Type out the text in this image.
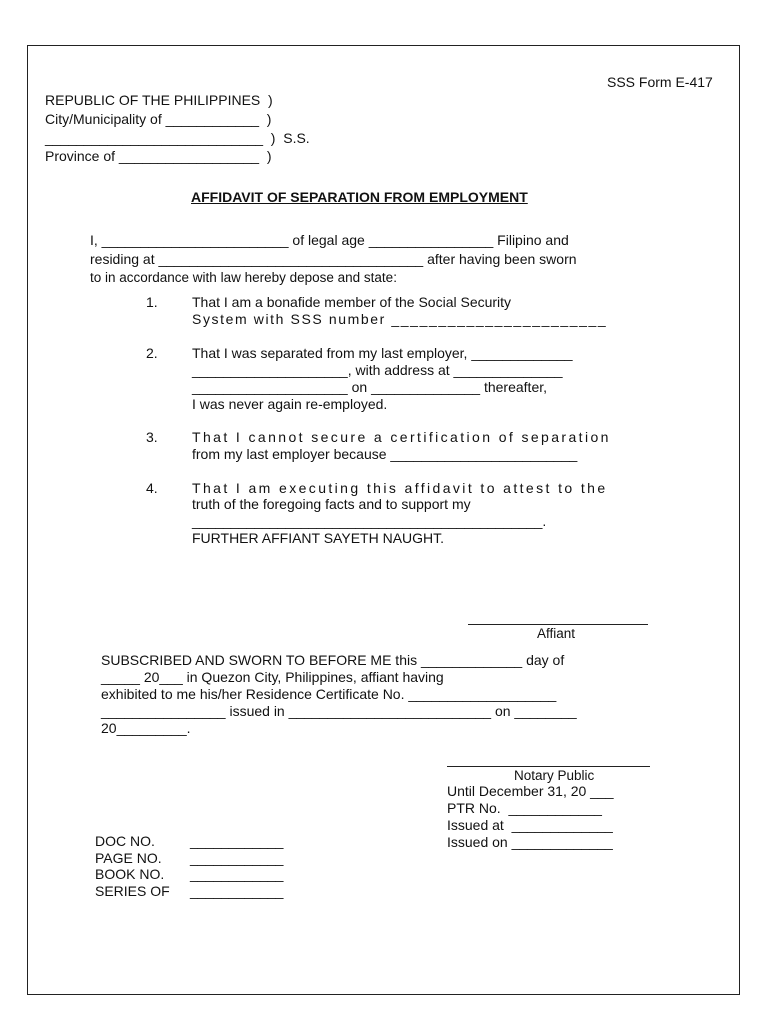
SSS Form E-417
REPUBLIC OF THE PHILIPPINES  )
City/Municipality of ____________  )
____________________________  )  S.S.
Province of __________________  )
AFFIDAVIT OF SEPARATION FROM EMPLOYMENT
I, ________________________ of legal age ________________ Filipino and
residing at __________________________________ after having been sworn
to in accordance with law hereby depose and state:
1. That I am a bonafide member of the Social Security
System with SSS number _______________________
2. That I was separated from my last employer, _____________
____________________, with address at ______________
____________________ on ______________ thereafter,
I was never again re-employed.
3. That I cannot secure a certification of separation
from my last employer because ________________________
4. That I am executing this affidavit to attest to the
truth of the foregoing facts and to support my
_____________________________________________.
FURTHER AFFIANT SAYETH NAUGHT.
Affiant
SUBSCRIBED AND SWORN TO BEFORE ME this _____________ day of
_____ 20___ in Quezon City, Philippines, affiant having
exhibited to me his/her Residence Certificate No. ___________________
________________ issued in __________________________ on ________
20_________.
Notary Public
Until December 31, 20 ___
PTR No.  ____________
Issued at  _____________
Issued on _____________
DOC NO.	____________
PAGE NO. ____________
BOOK NO. ____________
SERIES OF ____________
